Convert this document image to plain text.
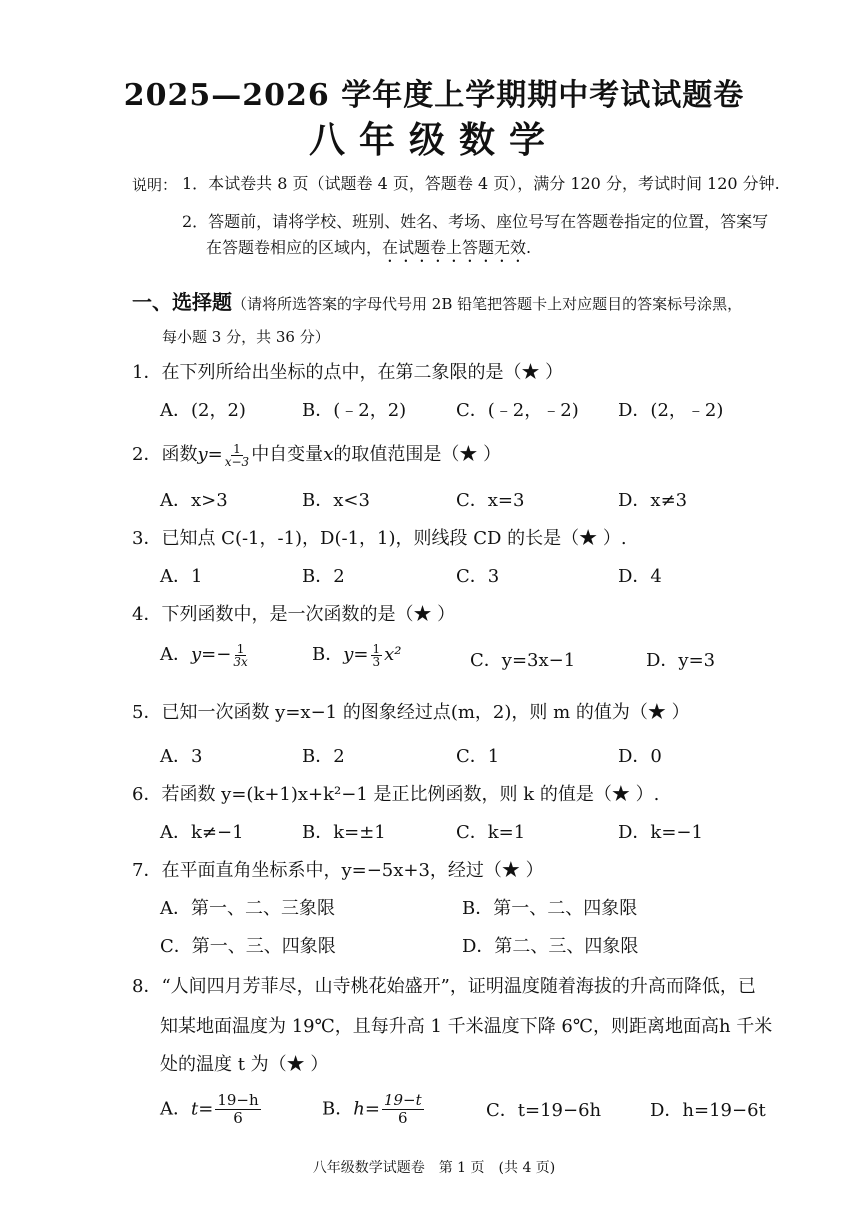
2025—2026 学年度上学期期中考试试题卷
八年级数学
说明： 1．本试卷共 8 页（试题卷 4 页，答题卷 4 页），满分 120 分，考试时间 120 分钟.
2．答题前，请将学校、班别、姓名、考场、座位号写在答题卷指定的位置，答案写
在答题卷相应的区域内，在试题卷上答题无效.
一、选择题（请将所选答案的字母代号用 2B 铅笔把答题卡上对应题目的答案标号涂黑，
每小题 3 分，共 36 分）
1．在下列所给出坐标的点中，在第二象限的是（★ ）
A．(2，2)	B．(﹣2，2)	C．(﹣2，﹣2) D．(2，﹣2)
2．函数$y= \frac{1}{x-3}$ 中自变量x的取值范围是（★ ）
A．x>3	B．x<3	C．x=3	D．x≠3
3．已知点 C(-1，-1)，D(-1，1)，则线段 CD 的长是（★ ）.
A．1	B．2	C．3	D．4
4．下列函数中，是一次函数的是（★ ）
A．$y=- \frac{1}{3x}$	B．$y= \frac{1}{3} x^2$	C．y=3x−1	D．y=3
5．已知一次函数 y=x−1 的图象经过点(m，2)，则 m 的值为（★ ）
A．3	B．2	C．1	D．0
6．若函数 y=(k+1)x+k²−1 是正比例函数，则 k 的值是（★ ）.
A．k≠−1	B．k=±1	C．k=1	D．k=−1
7．在平面直角坐标系中，y=−5x+3，经过（★ ）
A．第一、二、三象限	B．第一、二、四象限
C．第一、三、四象限	D．第二、三、四象限
8．“人间四月芳菲尽，山寺桃花始盛开”，证明温度随着海拔的升高而降低，已
知某地面温度为 19℃，且每升高 1 千米温度下降 6℃，则距离地面高h 千米
处的温度 t 为（★ ）
A．$t= \frac{19-h}{6}$	B．$h= \frac{19-t}{6}$	C．t=19−6h	D．h=19−6t
八年级数学试题卷　第 1 页　(共 4 页)
